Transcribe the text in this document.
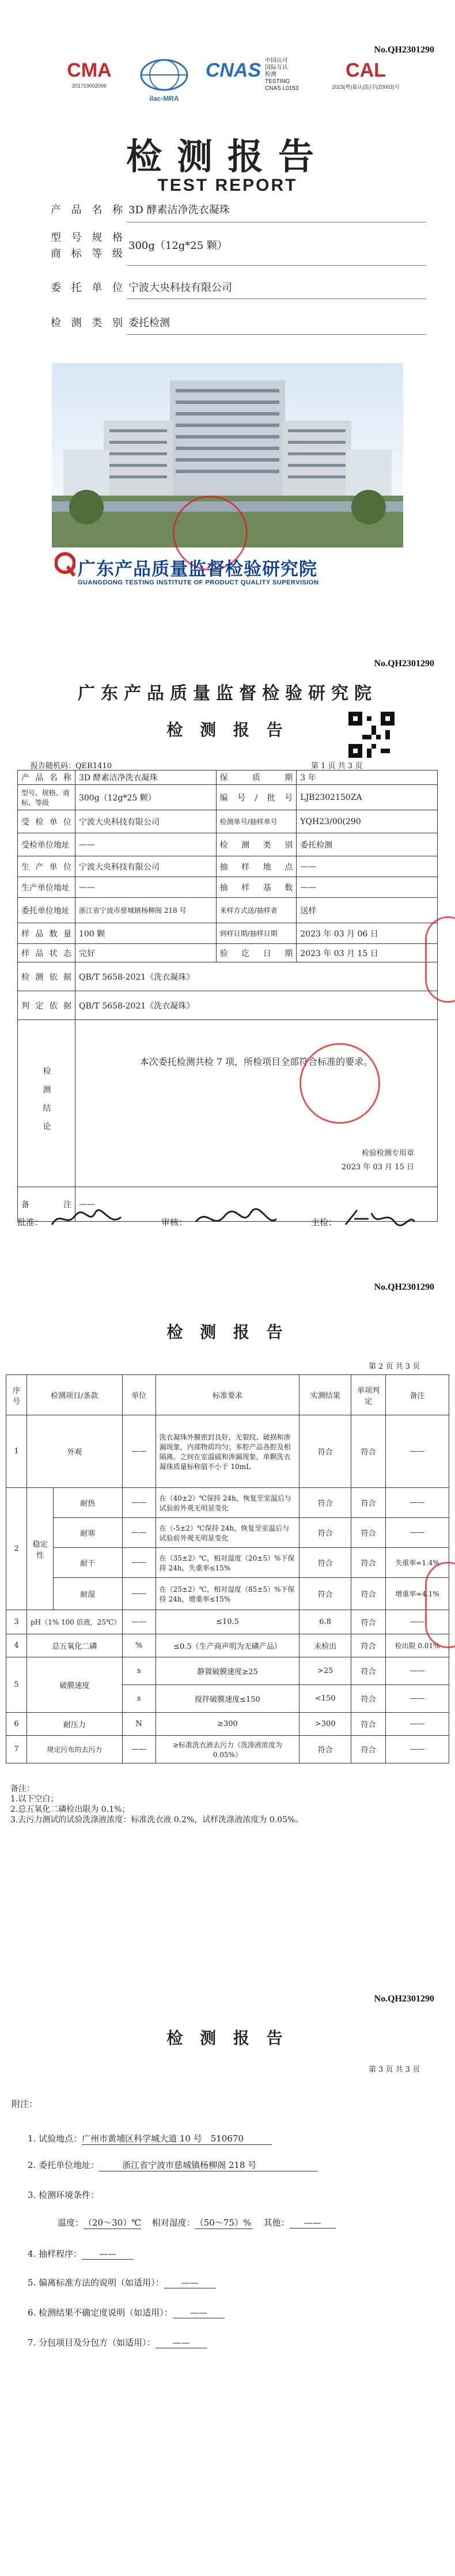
No.QH2301290
CMA
201719002006
ilac-MRA
CNAS 中国认可
国际互认
检测
TESTING
CNAS L0153
CAL
2023(粤)量认(监)字(Z0003)号
检测报告
TEST REPORT
产品名称 3D 酵素洁净洗衣凝珠
型号规格
商标等级
300g（12g*25 颗）
委托单位 宁波大央科技有限公司
检测类别 委托检测
广东产品质量监督检验研究院
GUANGDONG TESTING INSTITUTE OF PRODUCT QUALITY SUPERVISION
No.QH2301290
广东产品质量监督检验研究院
检 测 报 告
报告随机码：QER1410	第 1 页 共 3 页
产品名称	3D 酵素洁净洗衣凝珠	保质期	3 年
型号、规格、商标、等级	300g（12g*25 颗）	编号/批号	LJB2302150ZA
受检单位	宁波大央科技有限公司	检测单号/抽样单号	YQH23/00(290
受检单位地址	——	检测类别	委托检测
生产单位	宁波大央科技有限公司	抽样地点	——
生产单位地址	——	抽样基数	——
委托单位地址	浙江省宁波市慈城镇杨柳阁 218 号	来样方式送/抽样者	送样
样品数量	100 颗	到样日期/抽样日期	2023 年 03 月 06 日
样品状态	完好	验讫日期	2023 年 03 月 15 日
检测依据	QB/T 5658-2021《洗衣凝珠》		
判定依据	QB/T 5658-2021《洗衣凝珠》		
检测结论	本次委托检测共检 7 项，所检项目全部符合标准的要求。
检验检测专用章
2023 年 03 月 15 日		

备注	——		
批准：	审核：	主检：
No.QH2301290
检 测 报 告
第 2 页 共 3 页
序号	检测项目/条款		单位	标准要求	实测结果	单项判定	备注
1	外观		——	洗衣凝珠外膜密封良好，无裂纹、破损和渗漏现象，内部物质均匀；多腔产品各腔及相隔离。之间在室温硫和渗漏现象，单颗洗衣凝珠质量标称值不小于 10mL	符合	符合	——
2	稳定性	耐热	——	在（40±2）℃保持 24h，恢复至室温后与试验前外观无明显变化	符合	符合	——
		耐寒	——	在（-5±2）℃保持 24h，恢复至室温后与试验前外观无明显变化	符合	符合	——
		耐干	——	在（35±2）℃，相对湿度（20±5）%下保持 24h，失重率≤15%	符合	符合	失重率=1.4%
		耐湿	——	在（25±2）℃，相对湿度（85±5）%下保持 24h，增重率≤15%	符合	符合	增重率=4.1%
3	pH（1% 100 倍液，25℃）		——	≤10.5	6.8	符合	——
4	总五氧化二磷		%	≤0.5（生产商声明为无磷产品）	未检出	符合	检出限 0.01%
5	破膜速度		s	静置破膜速度≥25	>25	符合	——
			s	搅拌破膜速度≤150	<150	符合	——
6	耐压力		N	≥300	>300	符合	——
7	规定污布的去污力		——	≥标准洗衣液去污力（洗涤液浓度为 0.05%）	符合	符合	——
备注：
1.以下空白；
2.总五氧化二磷检出限为 0.1%；
3.去污力测试的试验洗涤液浓度：标准洗衣液 0.2%，试样洗涤液浓度为 0.05%。
No.QH2301290
检 测 报 告
第 3 页 共 3 页
附注：
1. 试验地点：广州市黄埔区科学城大道 10 号　510670
2. 委托单位地址：	浙江省宁波市慈城镇杨柳阁 218 号
3. 检测环境条件：
温度：（20～30）℃ 相对湿度：（50～75）% 其他： ——
4. 抽样程序： ——
5. 偏离标准方法的说明（如适用）： ——
6. 检测结果不确定度说明（如适用）： ——
7. 分包项目及分包方（如适用）： ——
